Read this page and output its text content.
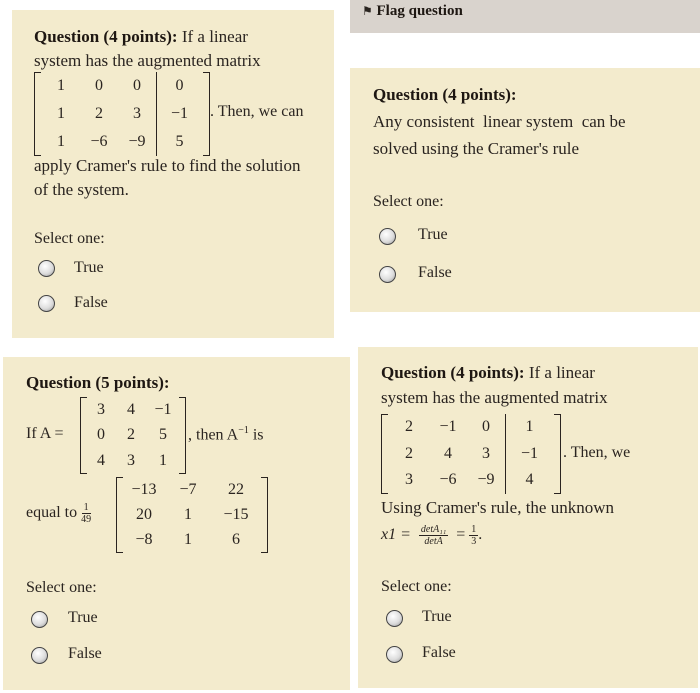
⚑ Flag question
Question (4 points): If a linear
system has the augmented matrix
1 0 0	0
1 2 3	−1
1 −6 −9	5
. Then, we can
apply Cramer's rule to find the solution
of the system.
Select one:
True
False
Question (4 points):
Any consistent  linear system  can be
solved using the Cramer's rule
Select one:
True
False
Question (5 points):
If A =
3 4 −1
0 2 5
4 3 1
, then $A^{-1}$ is
equal to $\frac{1}{49}$
−13 −7 22
20 1 −15
−8 1	6
Select one:
True
False
Question (4 points): If a linear
system has the augmented matrix
2 −1 0	1
2 4 3	−1
3 −6 −9	4
. Then, we
Using Cramer's rule, the unknown
$x1 = \frac{\text{detA₁₁}}{\det A} = \frac{1}{3}$ .
Select one:
True
False
